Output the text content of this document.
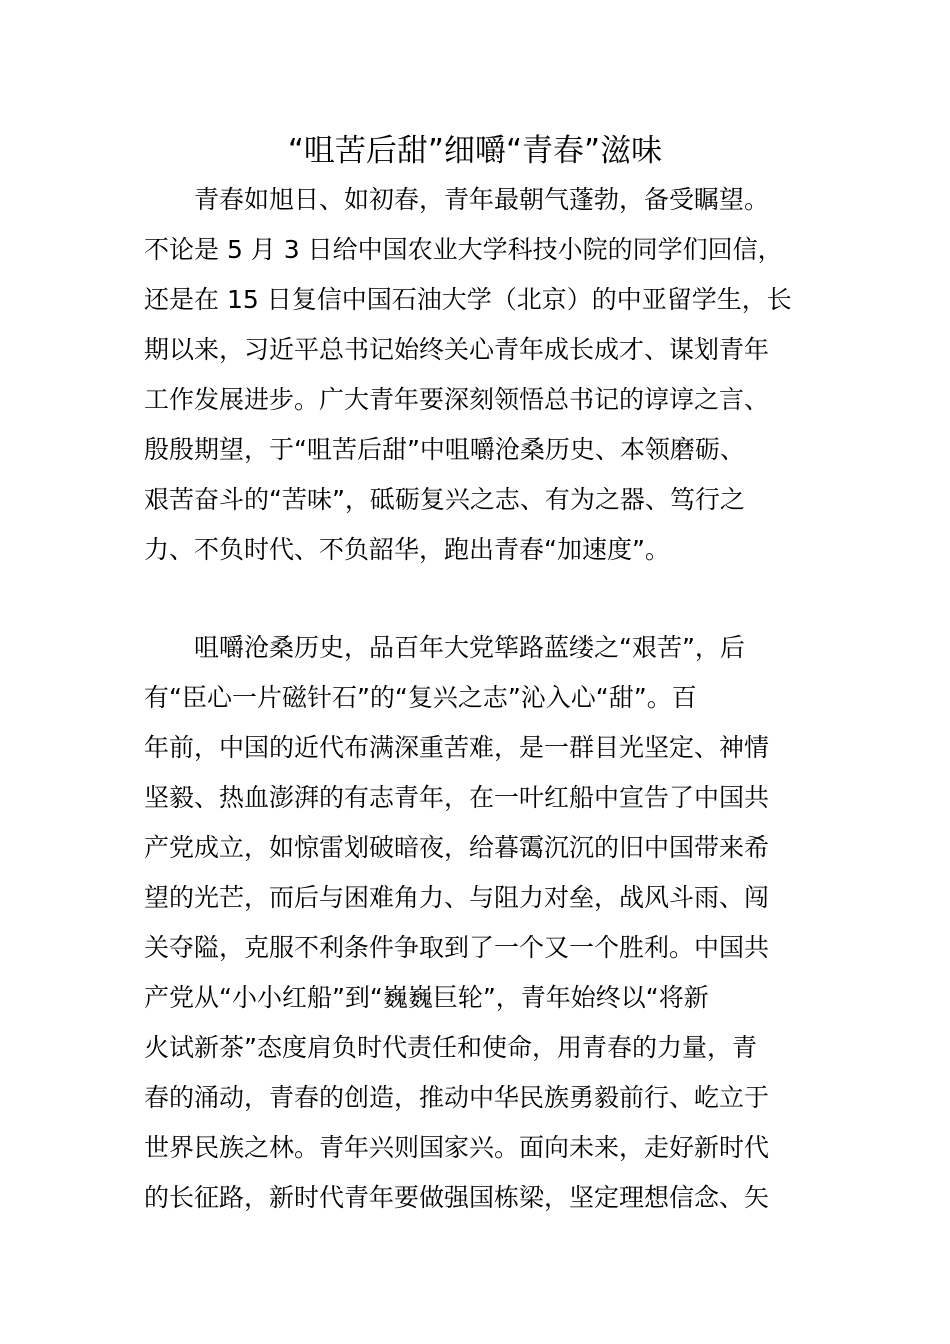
“咀苦后甜”细嚼“青春”滋味
青春如旭日、如初春，青年最朝气蓬勃，备受瞩望。
不论是 5 月 3 日给中国农业大学科技小院的同学们回信，
还是在 15 日复信中国石油大学（北京）的中亚留学生，长
期以来，习近平总书记始终关心青年成长成才、谋划青年
工作发展进步。广大青年要深刻领悟总书记的谆谆之言、
殷殷期望，于“咀苦后甜”中咀嚼沧桑历史、本领磨砺、
艰苦奋斗的“苦味”，砥砺复兴之志、有为之器、笃行之
力、不负时代、不负韶华，跑出青春“加速度”。
咀嚼沧桑历史，品百年大党筚路蓝缕之“艰苦”，后
有“臣心一片磁针石”的“复兴之志”沁入心“甜”。百
年前，中国的近代布满深重苦难，是一群目光坚定、神情
坚毅、热血澎湃的有志青年，在一叶红船中宣告了中国共
产党成立，如惊雷划破暗夜，给暮霭沉沉的旧中国带来希
望的光芒，而后与困难角力、与阻力对垒，战风斗雨、闯
关夺隘，克服不利条件争取到了一个又一个胜利。中国共
产党从“小小红船”到“巍巍巨轮”，青年始终以“将新
火试新茶”态度肩负时代责任和使命，用青春的力量，青
春的涌动，青春的创造，推动中华民族勇毅前行、屹立于
世界民族之林。青年兴则国家兴。面向未来，走好新时代
的长征路，新时代青年要做强国栋梁，坚定理想信念、矢
